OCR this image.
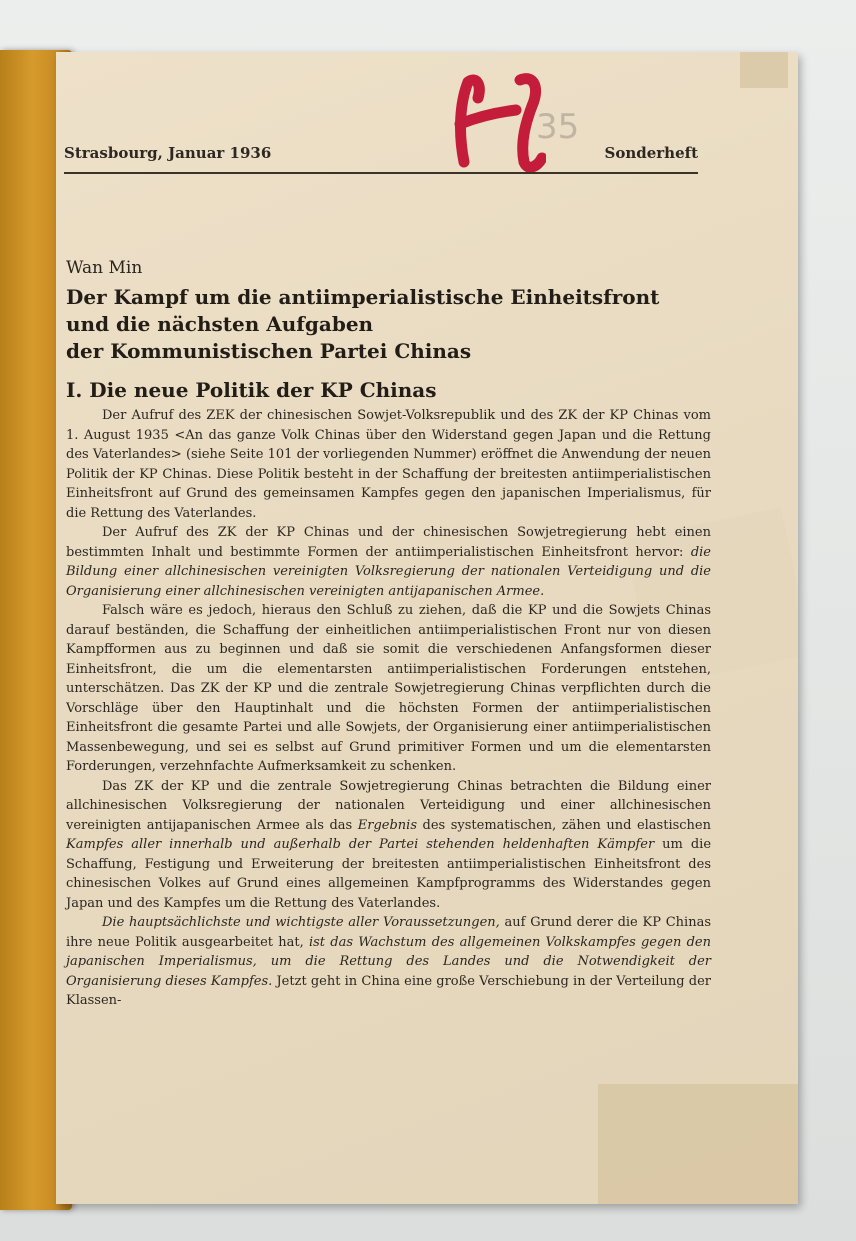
35
Strasbourg, Januar 1936	Sonderheft
Wan Min
Der Kampf um die antiimperialistische Einheitsfront
und die nächsten Aufgaben
der Kommunistischen Partei Chinas
I. Die neue Politik der KP Chinas

Der Aufruf des ZEK der chinesischen Sowjet-Volksrepublik und des ZK der KP Chinas vom 1. August 1935 <An das ganze Volk Chinas über den Widerstand gegen Japan und die Rettung des Vaterlandes> (siehe Seite 101 der vorliegenden Nummer) eröffnet die Anwendung der neuen Politik der KP Chinas. Diese Politik besteht in der Schaffung der breitesten antiimperialistischen Einheitsfront auf Grund des gemeinsamen Kampfes gegen den japanischen Imperialismus, für die Rettung des Vaterlandes.

Der Aufruf des ZK der KP Chinas und der chinesischen Sowjetregierung hebt einen bestimmten Inhalt und bestimmte Formen der antiimperialistischen Einheitsfront hervor: die Bildung einer allchinesischen vereinigten Volksregierung der nationalen Verteidigung und die Organisierung einer allchinesischen vereinigten antijapanischen Armee.

Falsch wäre es jedoch, hieraus den Schluß zu ziehen, daß die KP und die Sowjets Chinas darauf beständen, die Schaffung der einheitlichen antiimperialistischen Front nur von diesen Kampfformen aus zu beginnen und daß sie somit die verschiedenen Anfangsformen dieser Einheitsfront, die um die elementarsten antiimperialistischen Forderungen entstehen, unterschätzen. Das ZK der KP und die zentrale Sowjetregierung Chinas verpflichten durch die Vorschläge über den Hauptinhalt und die höchsten Formen der antiimperialistischen Einheitsfront die gesamte Partei und alle Sowjets, der Organisierung einer antiimperialistischen Massenbewegung, und sei es selbst auf Grund primitiver Formen und um die elementarsten Forderungen, verzehnfachte Aufmerksamkeit zu schenken.

Das ZK der KP und die zentrale Sowjetregierung Chinas betrachten die Bildung einer allchinesischen Volksregierung der nationalen Verteidigung und einer allchinesischen vereinigten antijapanischen Armee als das Ergebnis des systematischen, zähen und elastischen Kampfes aller innerhalb und außerhalb der Partei stehenden heldenhaften Kämpfer um die Schaffung, Festigung und Erweiterung der breitesten antiimperialistischen Einheitsfront des chinesischen Volkes auf Grund eines allgemeinen Kampfprogramms des Widerstandes gegen Japan und des Kampfes um die Rettung des Vaterlandes.

Die hauptsächlichste und wichtigste aller Voraussetzungen, auf Grund derer die KP Chinas ihre neue Politik ausgearbeitet hat, ist das Wachstum des allgemeinen Volkskampfes gegen den japanischen Imperialismus, um die Rettung des Landes und die Notwendigkeit der Organisierung dieses Kampfes. Jetzt geht in China eine große Verschiebung in der Verteilung der Klassen-
